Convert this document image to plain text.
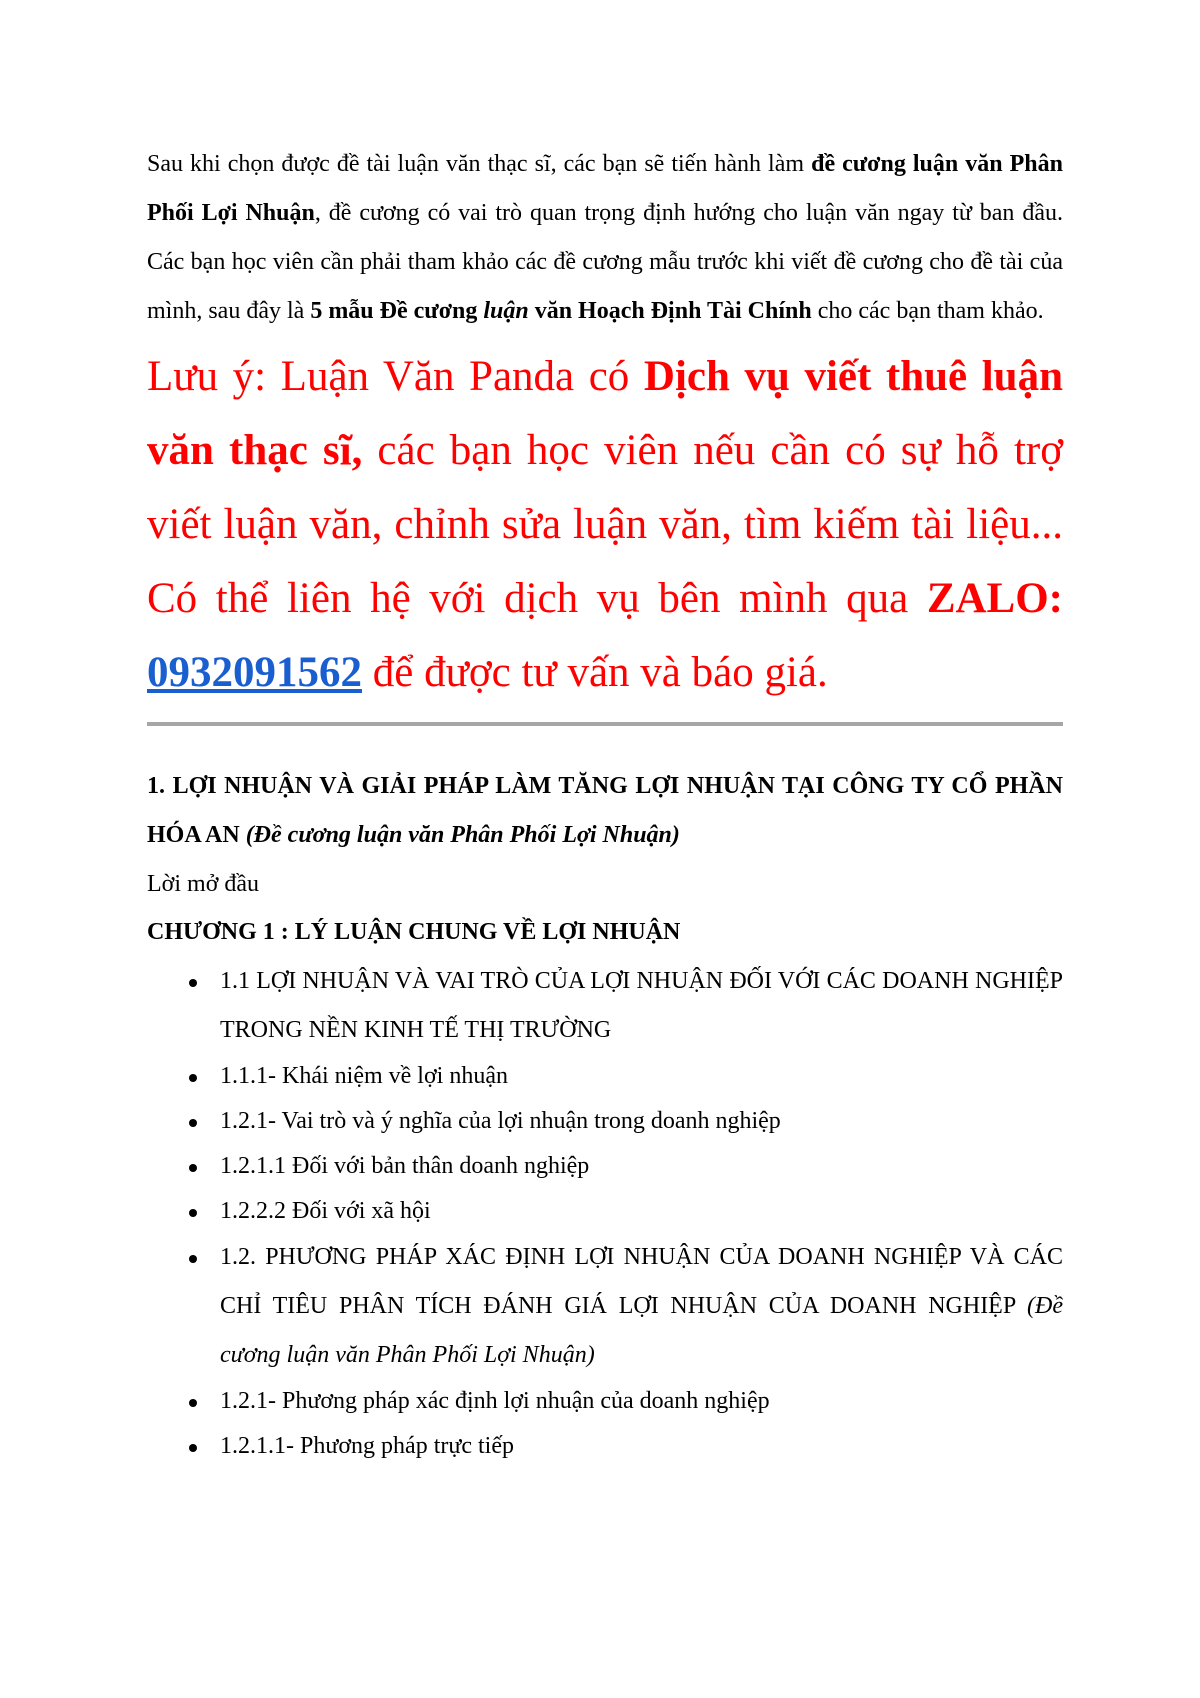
Sau khi chọn được đề tài luận văn thạc sĩ, các bạn sẽ tiến hành làm đề cương luận văn Phân Phối Lợi Nhuận, đề cương có vai trò quan trọng định hướng cho luận văn ngay từ ban đầu. Các bạn học viên cần phải tham khảo các đề cương mẫu trước khi viết đề cương cho đề tài của mình, sau đây là 5 mẫu Đề cương luận văn Hoạch Định Tài Chính cho các bạn tham khảo.

Lưu ý: Luận Văn Panda có Dịch vụ viết thuê luận văn thạc sĩ, các bạn học viên nếu cần có sự hỗ trợ viết luận văn, chỉnh sửa luận văn, tìm kiếm tài liệu... Có thể liên hệ với dịch vụ bên mình qua ZALO: 0932091562 để được tư vấn và báo giá.

1. LỢI NHUẬN VÀ GIẢI PHÁP LÀM TĂNG LỢI NHUẬN TẠI CÔNG TY CỔ PHẦN HÓA AN (Đề cương luận văn Phân Phối Lợi Nhuận)

Lời mở đầu

CHƯƠNG 1 : LÝ LUẬN CHUNG VỀ LỢI NHUẬN

1.1 LỢI NHUẬN VÀ VAI TRÒ CỦA LỢI NHUẬN ĐỐI VỚI CÁC DOANH NGHIỆP TRONG NỀN KINH TẾ THỊ TRƯỜNG
1.1.1- Khái niệm về lợi nhuận
1.2.1- Vai trò và ý nghĩa của lợi nhuận trong doanh nghiệp
1.2.1.1 Đối với bản thân doanh nghiệp
1.2.2.2 Đối với xã hội
1.2. PHƯƠNG PHÁP XÁC ĐỊNH LỢI NHUẬN CỦA DOANH NGHIỆP VÀ CÁC CHỈ TIÊU PHÂN TÍCH ĐÁNH GIÁ LỢI NHUẬN CỦA DOANH NGHIỆP (Đề cương luận văn Phân Phối Lợi Nhuận)
1.2.1- Phương pháp xác định lợi nhuận của doanh nghiệp
1.2.1.1- Phương pháp trực tiếp
